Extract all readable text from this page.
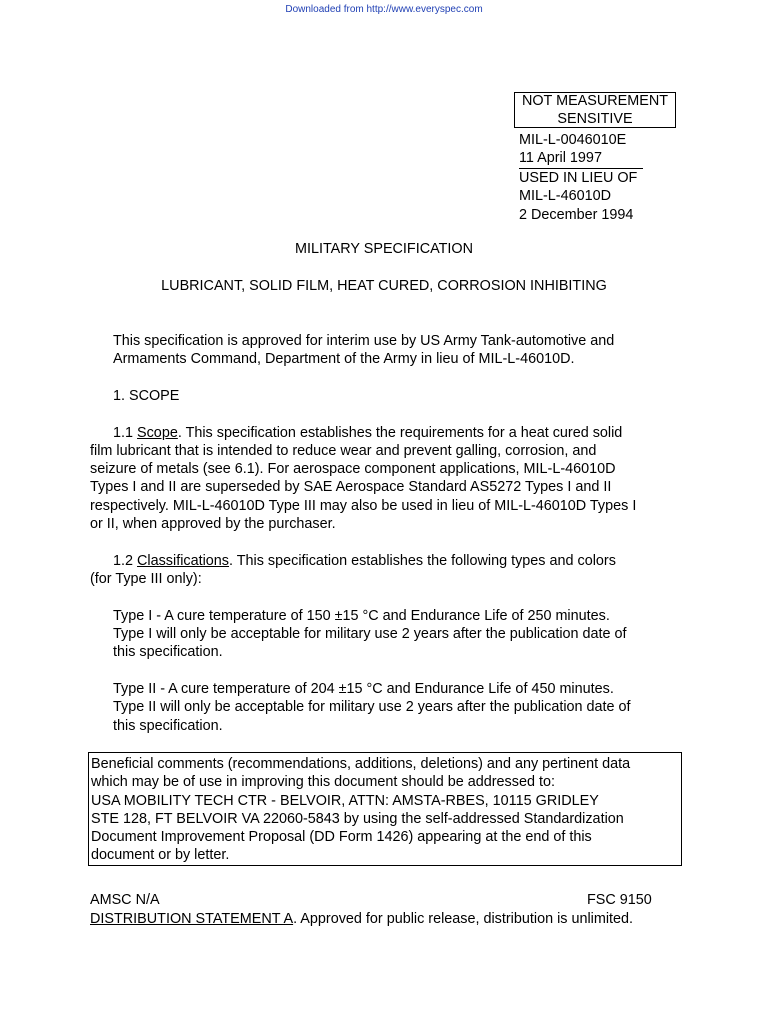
Downloaded from http://www.everyspec.com
NOT MEASUREMENT
SENSITIVE
MIL-L-0046010E
11 April 1997
USED IN LIEU OF
MIL-L-46010D
2 December 1994
MILITARY SPECIFICATION
LUBRICANT, SOLID FILM, HEAT CURED, CORROSION INHIBITING
This specification is approved for interim use by US Army Tank-automotive and
Armaments Command, Department of the Army in lieu of MIL-L-46010D.
1. SCOPE
1.1 Scope. This specification establishes the requirements for a heat cured solid
film lubricant that is intended to reduce wear and prevent galling, corrosion, and
seizure of metals (see 6.1). For aerospace component applications, MIL-L-46010D
Types I and II are superseded by SAE Aerospace Standard AS5272 Types I and II
respectively. MIL-L-46010D Type III may also be used in lieu of MIL-L-46010D Types I
or II, when approved by the purchaser.
1.2 Classifications. This specification establishes the following types and colors
(for Type III only):
Type I - A cure temperature of 150 ±15 °C and Endurance Life of 250 minutes.
Type I will only be acceptable for military use 2 years after the publication date of
this specification.
Type II - A cure temperature of 204 ±15 °C and Endurance Life of 450 minutes.
Type II will only be acceptable for military use 2 years after the publication date of
this specification.
Beneficial comments (recommendations, additions, deletions) and any pertinent data
which may be of use in improving this document should be addressed to:
USA MOBILITY TECH CTR - BELVOIR, ATTN: AMSTA-RBES, 10115 GRIDLEY
STE 128, FT BELVOIR VA 22060-5843 by using the self-addressed Standardization
Document Improvement Proposal (DD Form 1426) appearing at the end of this
document or by letter.
AMSC N/A	FSC 9150
DISTRIBUTION STATEMENT A. Approved for public release, distribution is unlimited.
